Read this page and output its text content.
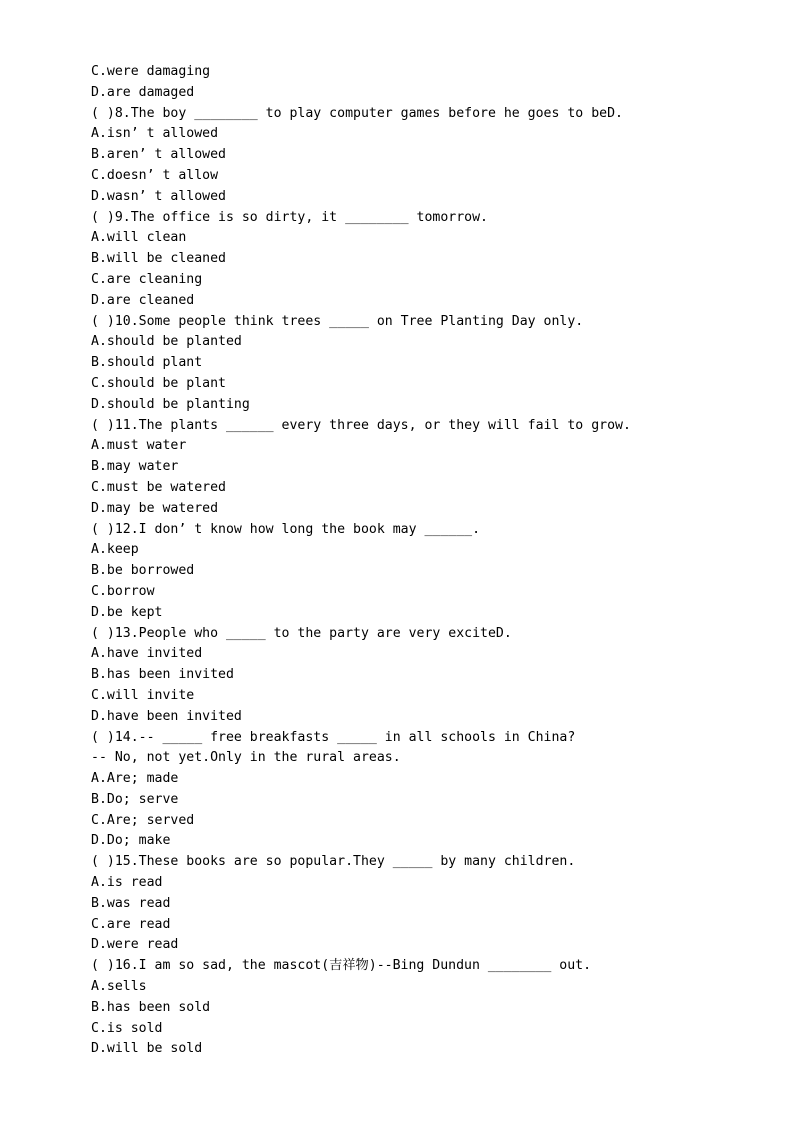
C.were damaging
D.are damaged
( )8.The boy ________ to play computer games before he goes to beD.
A.isn’ t allowed
B.aren’ t allowed
C.doesn’ t allow
D.wasn’ t allowed
( )9.The office is so dirty, it ________ tomorrow.
A.will clean
B.will be cleaned
C.are cleaning
D.are cleaned
( )10.Some people think trees _____ on Tree Planting Day only.
A.should be planted
B.should plant
C.should be plant
D.should be planting
( )11.The plants ______ every three days, or they will fail to grow.
A.must water
B.may water
C.must be watered
D.may be watered
( )12.I don’ t know how long the book may ______.
A.keep
B.be borrowed
C.borrow
D.be kept
( )13.People who _____ to the party are very exciteD.
A.have invited
B.has been invited
C.will invite
D.have been invited
( )14.-- _____ free breakfasts _____ in all schools in China?
-- No, not yet.Only in the rural areas.
A.Are; made
B.Do; serve
C.Are; served
D.Do; make
( )15.These books are so popular.They _____ by many children.
A.is read
B.was read
C.are read
D.were read
( )16.I am so sad, the mascot(吉祥物)--Bing Dundun ________ out.
A.sells
B.has been sold
C.is sold
D.will be sold
